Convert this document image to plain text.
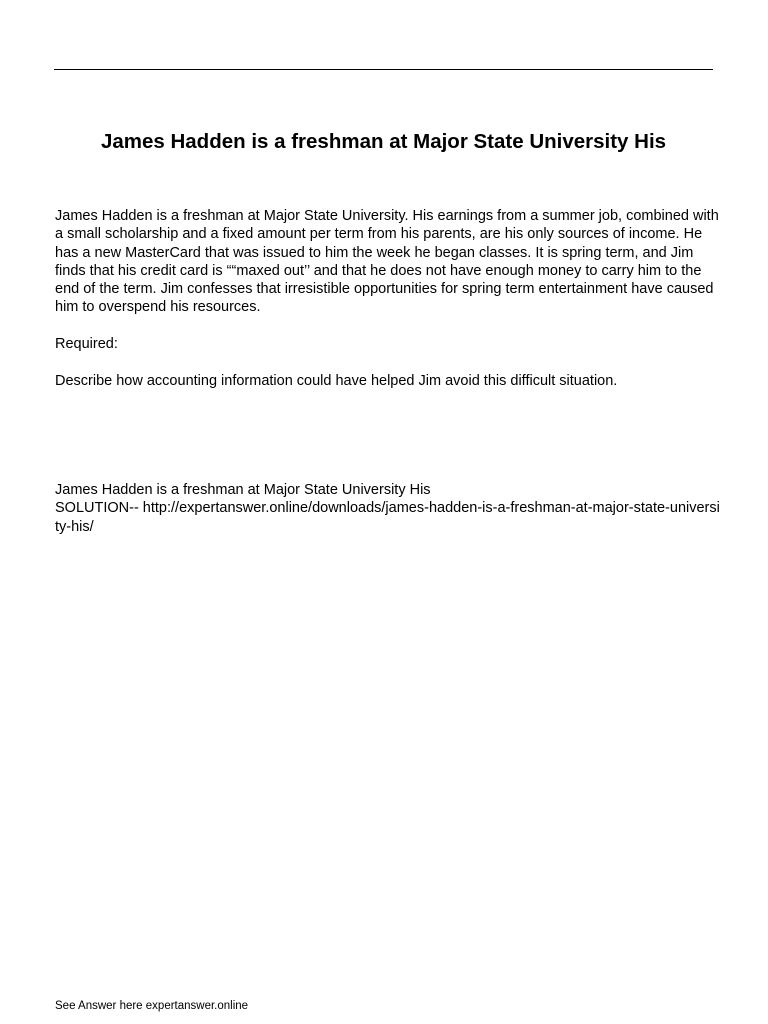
James Hadden is a freshman at Major State University His
James Hadden is a freshman at Major State University. His earnings from a summer job, combined with a small scholarship and a fixed amount per term from his parents, are his only sources of income. He has a new MasterCard that was issued to him the week he began classes. It is spring term, and Jim finds that his credit card is ““maxed out’’ and that he does not have enough money to carry him to the end of the term. Jim confesses that irresistible opportunities for spring term entertainment have caused him to overspend his resources.
Required:
Describe how accounting information could have helped Jim avoid this difficult situation.
James Hadden is a freshman at Major State University His
SOLUTION-- http://expertanswer.online/downloads/james-hadden-is-a-freshman-at-major-state-university-his/
See Answer here expertanswer.online
